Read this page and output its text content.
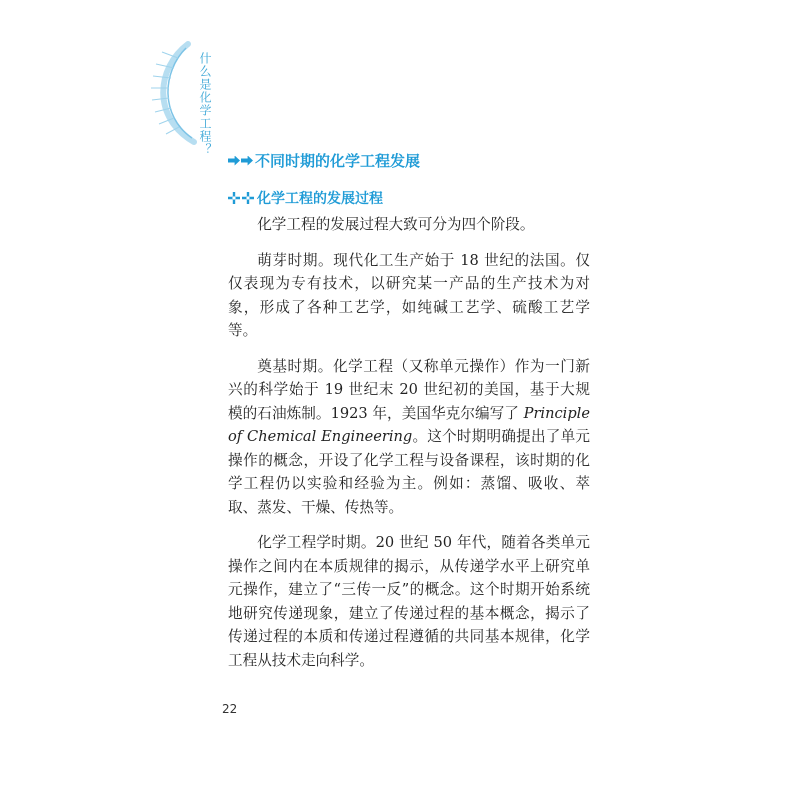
什么是化学工程？
不同时期的化学工程发展
化学工程的发展过程

化学工程的发展过程大致可分为四个阶段。

萌芽时期。现代化工生产始于 18 世纪的法国。仅仅表现为专有技术，以研究某一产品的生产技术为对象，形成了各种工艺学，如纯碱工艺学、硫酸工艺学等。

奠基时期。化学工程（又称单元操作）作为一门新兴的科学始于 19 世纪末 20 世纪初的美国，基于大规模的石油炼制。1923 年，美国华克尔编写了 Principle of Chemical Engineering。这个时期明确提出了单元操作的概念，开设了化学工程与设备课程，该时期的化学工程仍以实验和经验为主。例如：蒸馏、吸收、萃取、蒸发、干燥、传热等。

化学工程学时期。20 世纪 50 年代，随着各类单元操作之间内在本质规律的揭示，从传递学水平上研究单元操作，建立了“三传一反”的概念。这个时期开始系统地研究传递现象，建立了传递过程的基本概念，揭示了传递过程的本质和传递过程遵循的共同基本规律，化学工程从技术走向科学。

22
